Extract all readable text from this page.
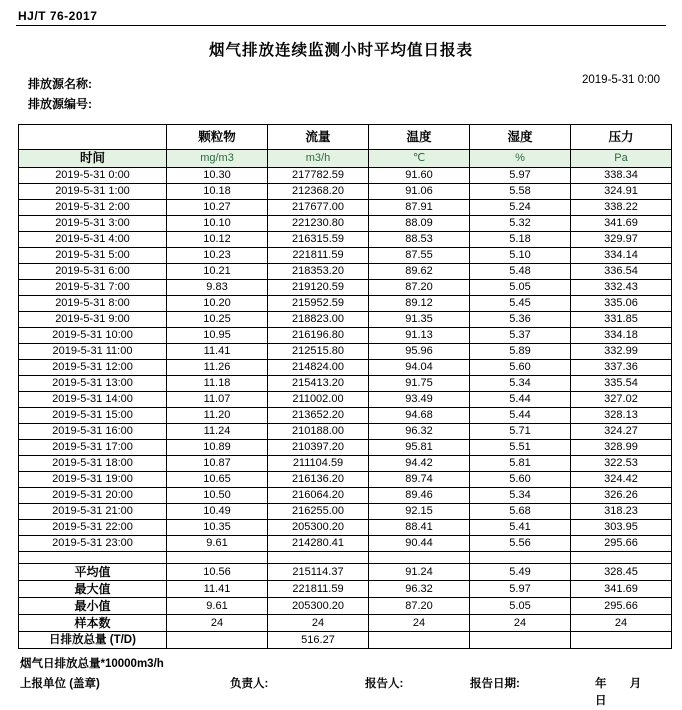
HJ/T 76-2017
烟气排放连续监测小时平均值日报表
排放源名称:
排放源编号:
2019-5-31 0:00
	颗粒物	流量	温度	湿度	压力
时间	mg/m3	m3/h	℃	%	Pa
2019-5-31 0:00	10.30	217782.59	91.60	5.97	338.34
2019-5-31 1:00	10.18	212368.20	91.06	5.58	324.91
2019-5-31 2:00	10.27	217677.00	87.91	5.24	338.22
2019-5-31 3:00	10.10	221230.80	88.09	5.32	341.69
2019-5-31 4:00	10.12	216315.59	88.53	5.18	329.97
2019-5-31 5:00	10.23	221811.59	87.55	5.10	334.14
2019-5-31 6:00	10.21	218353.20	89.62	5.48	336.54
2019-5-31 7:00	9.83	219120.59	87.20	5.05	332.43
2019-5-31 8:00	10.20	215952.59	89.12	5.45	335.06
2019-5-31 9:00	10.25	218823.00	91.35	5.36	331.85
2019-5-31 10:00	10.95	216196.80	91.13	5.37	334.18
2019-5-31 11:00	11.41	212515.80	95.96	5.89	332.99
2019-5-31 12:00	11.26	214824.00	94.04	5.60	337.36
2019-5-31 13:00	11.18	215413.20	91.75	5.34	335.54
2019-5-31 14:00	11.07	211002.00	93.49	5.44	327.02
2019-5-31 15:00	11.20	213652.20	94.68	5.44	328.13
2019-5-31 16:00	11.24	210188.00	96.32	5.71	324.27
2019-5-31 17:00	10.89	210397.20	95.81	5.51	328.99
2019-5-31 18:00	10.87	211104.59	94.42	5.81	322.53
2019-5-31 19:00	10.65	216136.20	89.74	5.60	324.42
2019-5-31 20:00	10.50	216064.20	89.46	5.34	326.26
2019-5-31 21:00	10.49	216255.00	92.15	5.68	318.23
2019-5-31 22:00	10.35	205300.20	88.41	5.41	303.95
2019-5-31 23:00	9.61	214280.41	90.44	5.56	295.66

平均值	10.56	215114.37	91.24	5.49	328.45
最大值	11.41	221811.59	96.32	5.97	341.69
最小值	9.61	205300.20	87.20	5.05	295.66
样本数	24	24	24	24	24
日排放总量 (T/D)		516.27			
烟气日排放总量*10000m3/h
上报单位 (盖章)	负责人:	报告人:	报告日期:	年 月 日
